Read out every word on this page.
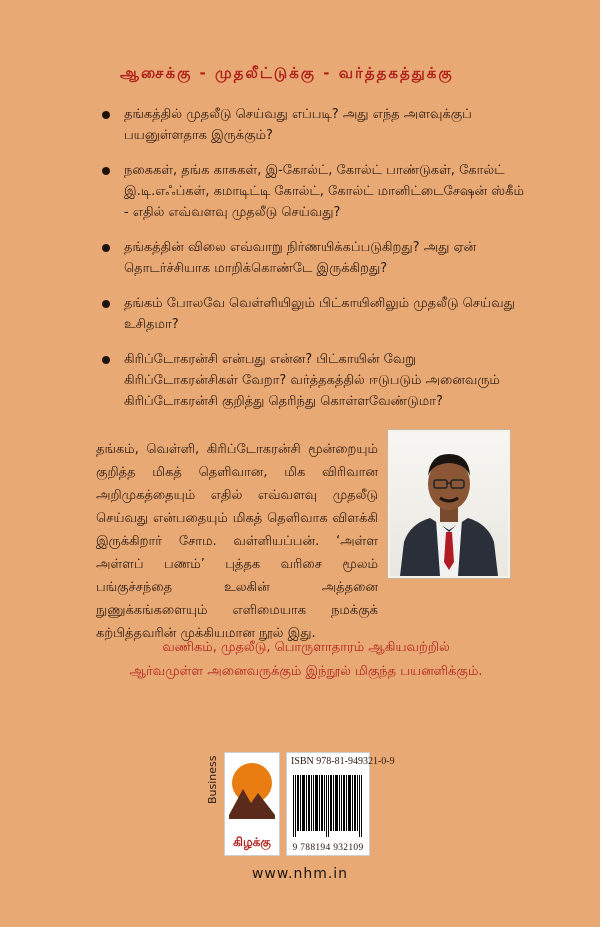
ஆசைக்கு - முதலீட்டுக்கு - வர்த்தகத்துக்கு
தங்கத்தில் முதலீடு செய்வது எப்படி? அது எந்த அளவுக்குப் பயனுள்ளதாக இருக்கும்?
நகைகள், தங்க காசுகள், இ-கோல்ட், கோல்ட் பாண்டுகள், கோல்ட் இ.டி.எஃப்கள், கமாடிட்டி கோல்ட், கோல்ட் மானிட்டைசேஷன் ஸ்கீம் - எதில் எவ்வளவு முதலீடு செய்வது?
தங்கத்தின் விலை எவ்வாறு நிர்ணயிக்கப்படுகிறது? அது ஏன் தொடர்ச்சியாக மாறிக்கொண்டே இருக்கிறது?
தங்கம் போலவே வெள்ளியிலும் பிட்காயினிலும் முதலீடு செய்வது உசிதமா?
கிரிப்டோகரன்சி என்பது என்ன? பிட்காயின் வேறு கிரிப்டோகரன்சிகள் வேறா? வர்த்தகத்தில் ஈடுபடும் அனைவரும் கிரிப்டோகரன்சி குறித்து தெரிந்து கொள்ளவேண்டுமா?

தங்கம், வெள்ளி, கிரிப்டோகரன்சி மூன்றையும் குறித்த மிகத் தெளிவான, மிக விரிவான அறிமுகத்தையும் எதில் எவ்வளவு முதலீடு செய்வது என்பதையும் மிகத் தெளிவாக விளக்கி இருக்கிறார் சோம. வள்ளியப்பன். ‘அள்ள அள்ளப் பணம்’ புத்தக வரிசை மூலம் பங்குச்சந்தை உலகின் அத்தனை நுணுக்கங்களையும் எளிமையாக நமக்குக் கற்பித்தவரின் முக்கியமான நூல் இது.

வணிகம், முதலீடு, பொருளாதாரம் ஆகியவற்றில்

ஆர்வமுள்ள அனைவருக்கும் இந்நூல் மிகுந்த பயனளிக்கும்.

Business
கிழக்கு
ISBN 978-81-949321-0-9
9 788194 932109
www.nhm.in
